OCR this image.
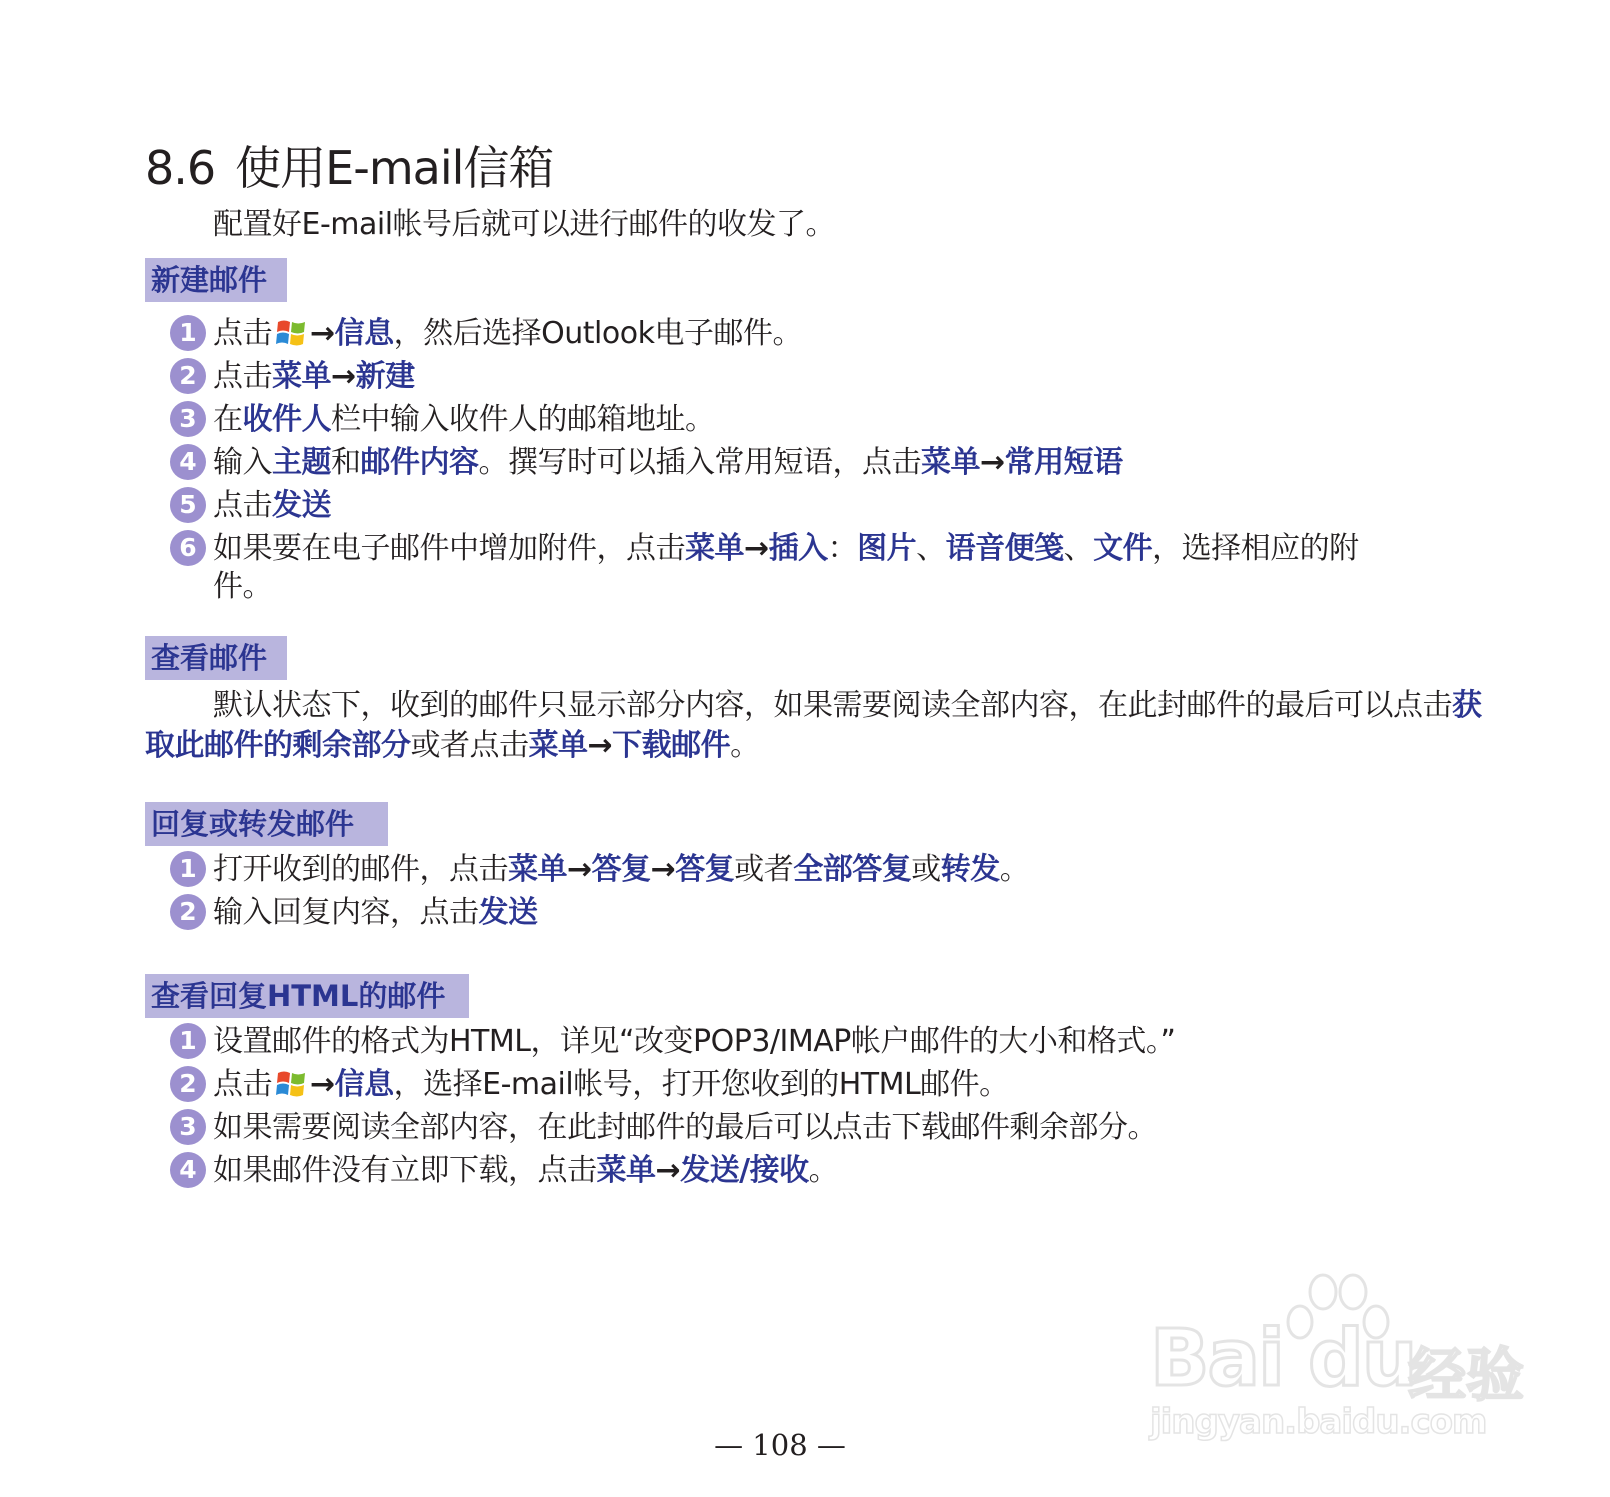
8.6 使用E-mail信箱

配置好E-mail帐号后就可以进行邮件的收发了。

新建邮件
1 点击 →信息，然后选择Outlook电子邮件。
2 点击菜单→新建
3 在收件人栏中输入收件人的邮箱地址。
4 输入主题和邮件内容。撰写时可以插入常用短语，点击菜单→常用短语
5 点击发送
6 如果要在电子邮件中增加附件，点击菜单→插入：图片、语音便笺、文件，选择相应的附件。
查看邮件

默认状态下，收到的邮件只显示部分内容，如果需要阅读全部内容，在此封邮件的最后可以点击获取此邮件的剩余部分或者点击菜单→下载邮件。

回复或转发邮件
1 打开收到的邮件，点击菜单→答复→答复或者全部答复或转发。
2 输入回复内容，点击发送
查看回复HTML的邮件
1 设置邮件的格式为HTML，详见“改变POP3/IMAP帐户邮件的大小和格式。”
2 点击 →信息，选择E-mail帐号，打开您收到的HTML邮件。
3 如果需要阅读全部内容，在此封邮件的最后可以点击下载邮件剩余部分。
4 如果邮件没有立即下载，点击菜单→发送/接收。
Bai du
经验
jingyan.baidu.com
— 108 —
